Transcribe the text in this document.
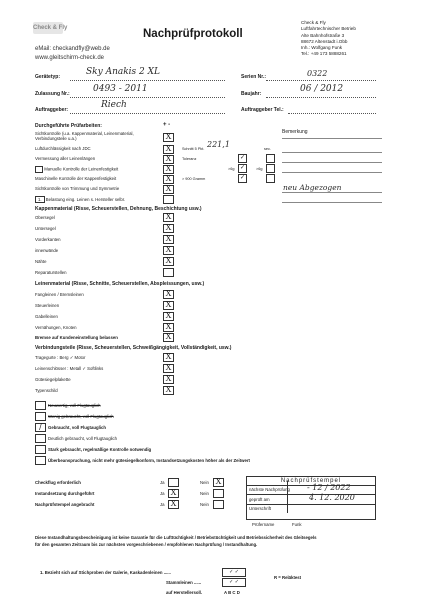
Check & Fly	Nachprüfprotokoll
eMail: checkandfly@web.de
www.gleitschirm-check.de
Check & Fly
Luftfahrtechnischer Betrieb
Alte Bahnhofstraße 3
88672 Altenstadt i.Obb
Inh.: Wolfgang Funk
Tel.: +49 173 5888261
Gerätetyp:	Sky Anakis 2 XL	Serien Nr.:	0322
Zulassung Nr.:	0493 - 2011	Baujahr:	06 / 2012
Auftraggeber:	Riech	Auftraggeber Tel.:
Durchgeführte Prüfarbeiten:	+ -
Bemerkung
Sichtkontrolle (u.a. Kappenmaterial, Leinenmaterial, Verbindungsteile u.a.)	X
Luftdurchlässigkeit nach JDC	X	Schnitt 5 Pkt. 221,1	sec.
Vermessung aller Leinenlängen	X	Toleranz	✓
Manuelle Kontrolle der Leinenfestigkeit	X	>6g ✓	>6g
Maschinelle Kontrolle der Kappenfestigkeit	X	> 900 Gramm	✓
Sichtkontrolle von Trimmung und Symmetrie	X
1. Belastung eing. Leinen s. Hersteller selbr.
neu Abgezogen
Kappenmaterial (Risse, Scheuerstellen, Dehnung, Beschichtung usw.)
Obersegel	X
Untersegel	X
Vorderkanten	X
innenwände	X
Nähte	X
Reparaturstellen
Leinenmaterial (Risse, Schnitte, Scheuerstellen, Abspleissungen, usw.)
Fangleinen / Bremsleinen	X
Steuerleinen	X
Gabelleinen	X
Vernähungen, Knoten	X
Bremse auf Kundeneinstellung belassen	X
Verbindungsteile (Risse, Scheuerstellen, Schweißgängigkeit, Vollständigkeit, usw.)
Tragegurte : Berg ✓ Motor	X
Leinenschlösser : Metall ✓ Softlinks	X
Gütesiegelplakette	X
Typenschild	X
Neuwertig, voll Flugtauglich
Wenig gebraucht, voll Flugtauglich
/	Gebraucht, voll Flugtauglich
Deutlich gebraucht, voll Flugtauglich
Stark gebraucht, regelmäßige Kontrolle notwendig
Überbeanspruchung, nicht mehr gütesiegelkonform, Instandsetzungskosten höher als der Zeitwert
Checkflug erforderlich	Ja	Nein X
Instandsetzung durchgeführt	Ja X	Nein
Nachprüfstempel angebracht	Ja X	Nein
Nachprüfstempel
nächste Nachprüfung - 12 / 2022
geprüft am	4. 12. 2020
Unterschrift
Prüfername	Funk
Diese Instandhaltungsbescheinigung ist keine Garantie für die Lufttüchtigkeit / Betriebstüchtigkeit und Betriebssicherheit des Gleitsegels
für den gesamten Zeitraum bis zur nächsten vorgeschriebenen / empfohlenen Nachprüfung / Instandhaltung.
1. Bezieht sich auf Stichproben der Galerie, Kaskadenleinen ......	✓ ✓
R = Reläktest
Stammleinen ......	✓ ✓
auf Herstellersoll.	A B C D
